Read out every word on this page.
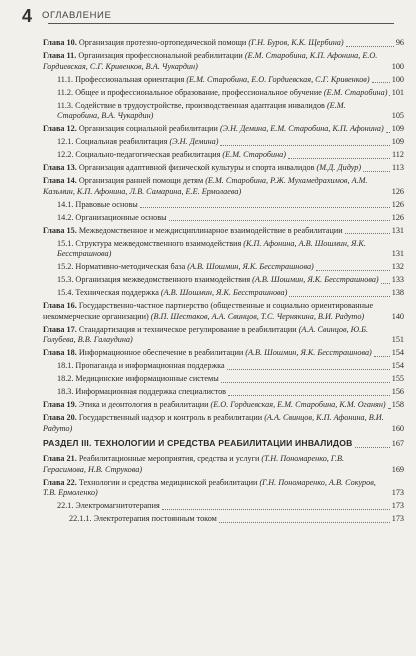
4 ОГЛАВЛЕНИЕ
Глава 10. Организация протезно-ортопедической помощи (Г.Н. Буров, К.К. Щербина)	96
Глава 11. Организация профессиональной реабилитации (Е.М. Старобина, К.П. Афонина, Е.О. Гордиевская, С.Г. Кривенков, В.А. Чукардин)	100
11.1. Профессиональная ориентация (Е.М. Старобина, Е.О. Гордиевская, С.Г. Кривенков)	100
11.2. Общее и профессиональное образование, профессиональное обучение (Е.М. Старобина) 101
11.3. Содействие в трудоустройстве, производственная адаптация инвалидов (Е.М. Старобина, В.А. Чукардин)	105
Глава 12. Организация социальной реабилитации (Э.Н. Демина, Е.М. Старобина, К.П. Афонина) 109
12.1. Социальная реабилитация (Э.Н. Демина)	109
12.2. Социально-педагогическая реабилитация (Е.М. Старобина)	112
Глава 13. Организация адаптивной физической культуры и спорта инвалидов (М.Д. Дидур)	113
Глава 14. Организация ранней помощи детям (Е.М. Старобина, Р.Ж. Мухамедрахимов, А.М. Казьмин, К.П. Афонина, Л.В. Самарина, Е.Е. Ермолаева)	126
14.1. Правовые основы	126
14.2. Организационные основы	126
Глава 15. Межведомственное и междисциплинарное взаимодействие в реабилитации	131
15.1. Структура межведомственного взаимодействия (К.П. Афонина, А.В. Шошмин, Я.К. Бесстрашнова)	131
15.2. Нормативно-методическая база (А.В. Шошмин, Я.К. Бесстрашнова)	132
15.3. Организация межведомственного взаимодействия (А.В. Шошмин, Я.К. Бесстрашнова) 133
15.4. Техническая поддержка (А.В. Шошмин, Я.К. Бесстрашнова)	138
Глава 16. Государственно-частное партнерство (общественные и социально ориентированные некоммерческие организации) (В.П. Шестаков, А.А. Свинцов, Т.С. Чернякина, В.И. Радуто)	140
Глава 17. Стандартизация и техническое регулирование в реабилитации (А.А. Свинцов, Ю.Б. Голубева, В.В. Галаудина)	151
Глава 18. Информационное обеспечение в реабилитации (А.В. Шошмин, Я.К. Бесстрашнова) 154
18.1. Пропаганда и информационная поддержка	154
18.2. Медицинские информационные системы	155
18.3. Информационная поддержка специалистов	156
Глава 19. Этика и деонтология в реабилитации (Е.О. Гордиевская, Е.М. Старобина, К.М. Оганян) 158
Глава 20. Государственный надзор и контроль в реабилитации (А.А. Свинцов, К.П. Афонина, В.И. Радуто)	160
РАЗДЕЛ III. ТЕХНОЛОГИИ И СРЕДСТВА РЕАБИЛИТАЦИИ ИНВАЛИДОВ	167
Глава 21. Реабилитационные мероприятия, средства и услуги (Т.Н. Пономаренко, Г.В. Герасимова, Н.В. Струкова)	169
Глава 22. Технологии и средства медицинской реабилитации (Г.Н. Пономаренко, А.В. Сокуров, Т.В. Ермоленко)	173
22.1. Электромагнитотерапия	173
22.1.1. Электротерапия постоянным током	173
